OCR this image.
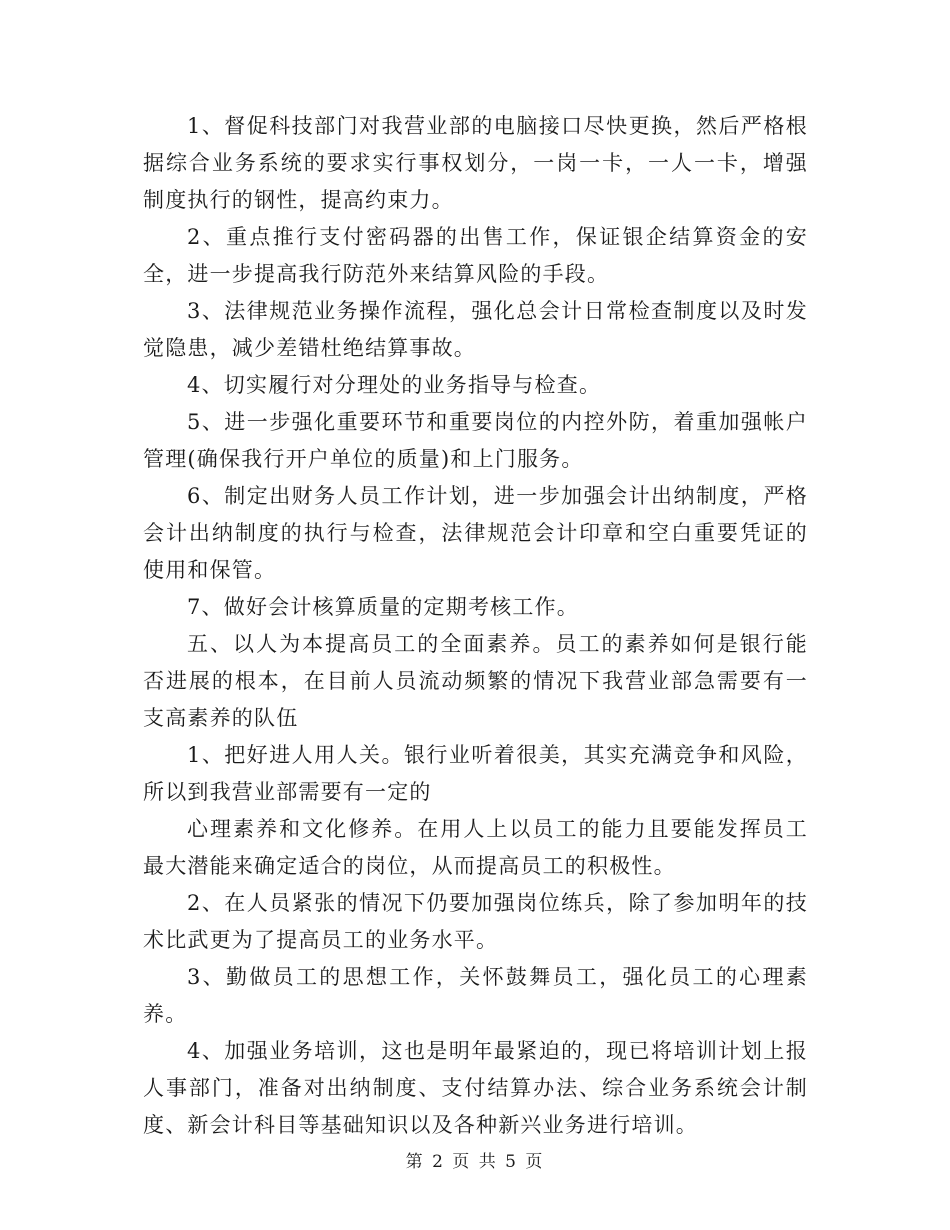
1、督促科技部门对我营业部的电脑接口尽快更换，然后严格根据综合业务系统的要求实行事权划分，一岗一卡，一人一卡，增强制度执行的钢性，提高约束力。

2、重点推行支付密码器的出售工作，保证银企结算资金的安全，进一步提高我行防范外来结算风险的手段。

3、法律规范业务操作流程，强化总会计日常检查制度以及时发觉隐患，减少差错杜绝结算事故。

4、切实履行对分理处的业务指导与检查。

5、进一步强化重要环节和重要岗位的内控外防，着重加强帐户管理(确保我行开户单位的质量)和上门服务。

6、制定出财务人员工作计划，进一步加强会计出纳制度，严格会计出纳制度的执行与检查，法律规范会计印章和空白重要凭证的使用和保管。

7、做好会计核算质量的定期考核工作。

五、以人为本提高员工的全面素养。员工的素养如何是银行能否进展的根本，在目前人员流动频繁的情况下我营业部急需要有一支高素养的队伍

1、把好进人用人关。银行业听着很美，其实充满竞争和风险，所以到我营业部需要有一定的

心理素养和文化修养。在用人上以员工的能力且要能发挥员工最大潜能来确定适合的岗位，从而提高员工的积极性。

2、在人员紧张的情况下仍要加强岗位练兵，除了参加明年的技术比武更为了提高员工的业务水平。

3、勤做员工的思想工作，关怀鼓舞员工，强化员工的心理素养。

4、加强业务培训，这也是明年最紧迫的，现已将培训计划上报人事部门，准备对出纳制度、支付结算办法、综合业务系统会计制度、新会计科目等基础知识以及各种新兴业务进行培训。

第 2 页 共 5 页
